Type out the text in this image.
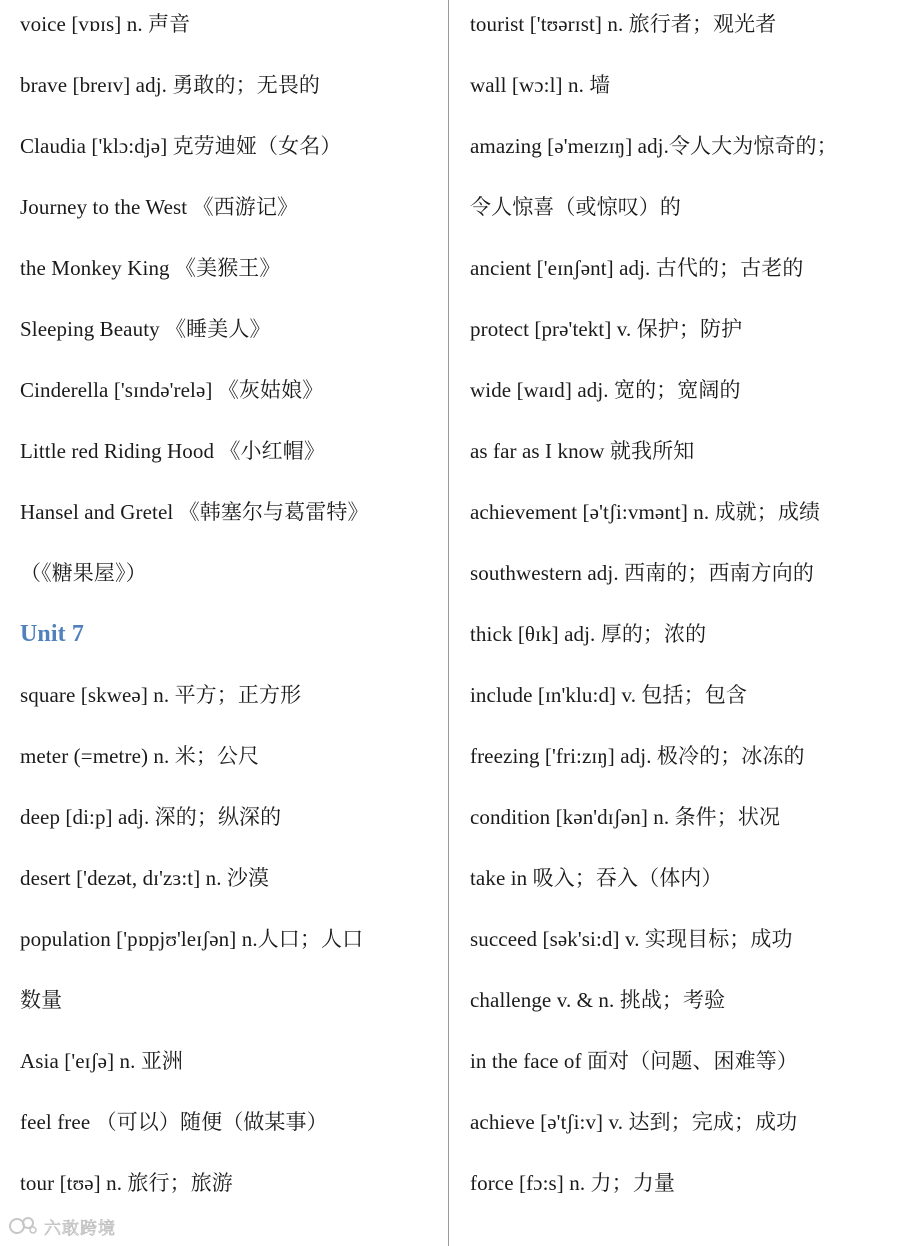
voice [vɒɪs] n. 声音
brave [breɪv] adj. 勇敢的；无畏的
Claudia ['klɔ:djə] 克劳迪娅（女名）
Journey to the West 《西游记》
the Monkey King 《美猴王》
Sleeping Beauty 《睡美人》
Cinderella ['sɪndə'relə] 《灰姑娘》
Little red Riding Hood 《小红帽》
Hansel and Gretel 《韩塞尔与葛雷特》
（《糖果屋》）
Unit 7
square [skweə] n. 平方；正方形
meter (=metre) n. 米；公尺
deep [di:p] adj. 深的；纵深的
desert ['dezət, dɪ'zɜ:t] n. 沙漠
population ['pɒpjʊ'leɪʃən] n.人口；人口
数量
Asia ['eɪʃə] n. 亚洲
feel free （可以）随便（做某事）
tour [tʊə] n. 旅行；旅游
tourist ['tʊərɪst] n. 旅行者；观光者
wall [wɔ:l] n. 墙
amazing [ə'meɪzɪŋ] adj.令人大为惊奇的；
令人惊喜（或惊叹）的
ancient ['eɪnʃənt] adj. 古代的；古老的
protect [prə'tekt] v. 保护；防护
wide [waɪd] adj. 宽的；宽阔的
as far as I know 就我所知
achievement [ə'tʃi:vmənt] n. 成就；成绩
southwestern adj. 西南的；西南方向的
thick [θɪk] adj. 厚的；浓的
include [ɪn'klu:d] v. 包括；包含
freezing ['fri:zɪŋ] adj. 极冷的；冰冻的
condition [kən'dɪʃən] n. 条件；状况
take in 吸入；吞入（体内）
succeed [sək'si:d] v. 实现目标；成功
challenge v. & n. 挑战；考验
in the face of 面对（问题、困难等）
achieve [ə'tʃi:v] v. 达到；完成；成功
force [fɔ:s] n. 力；力量
六敢跨境
